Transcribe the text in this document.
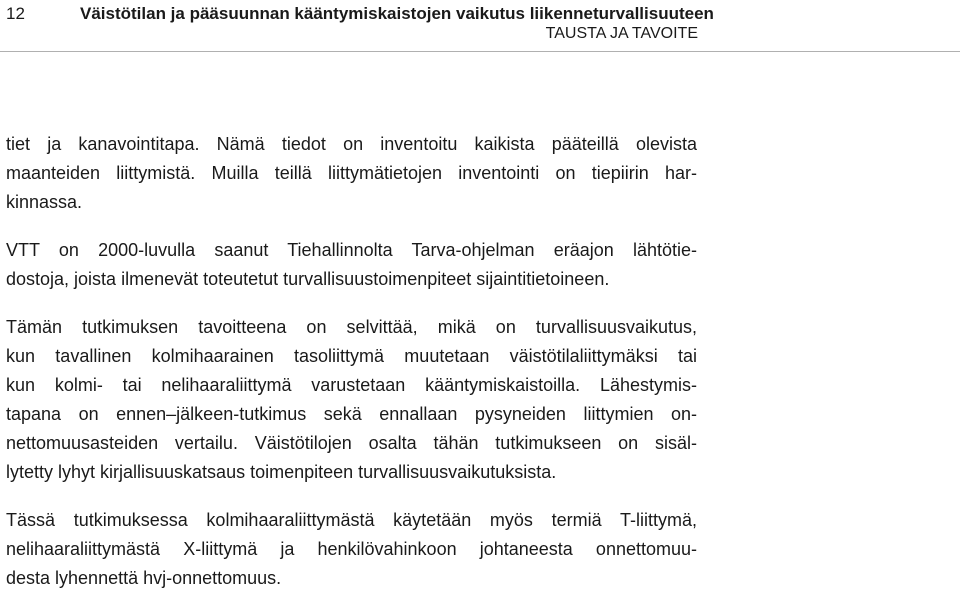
12	Väistötilan ja pääsuunnan kääntymiskaistojen vaikutus liikenneturvallisuuteen
TAUSTA JA TAVOITE

tiet ja kanavointitapa. Nämä tiedot on inventoitu kaikista pääteillä olevista
maanteiden liittymistä. Muilla teillä liittymätietojen inventointi on tiepiirin har-
kinnassa.

VTT on 2000-luvulla saanut Tiehallinnolta Tarva-ohjelman eräajon lähtötie-
dostoja, joista ilmenevät toteutetut turvallisuustoimenpiteet sijaintitietoineen.

Tämän tutkimuksen tavoitteena on selvittää, mikä on turvallisuusvaikutus,
kun tavallinen kolmihaarainen tasoliittymä muutetaan väistötilaliittymäksi tai
kun kolmi- tai nelihaaraliittymä varustetaan kääntymiskaistoilla. Lähestymis-
tapana on ennen–jälkeen-tutkimus sekä ennallaan pysyneiden liittymien on-
nettomuusasteiden vertailu. Väistötilojen osalta tähän tutkimukseen on sisäl-
lytetty lyhyt kirjallisuuskatsaus toimenpiteen turvallisuusvaikutuksista.

Tässä tutkimuksessa kolmihaaraliittymästä käytetään myös termiä T-liittymä,
nelihaaraliittymästä X-liittymä ja henkilövahinkoon johtaneesta onnettomuu-
desta lyhennettä hvj-onnettomuus.
